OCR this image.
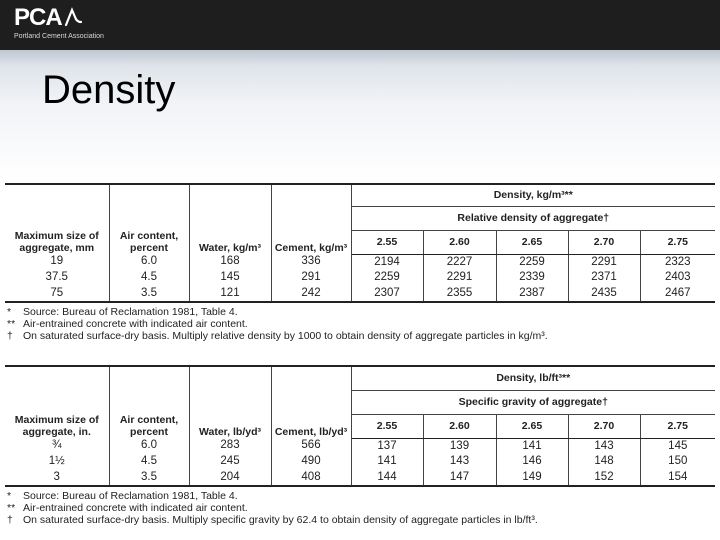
PCA
Portland Cement Association
Density
Maximum size of aggregate, mm	Air content, percent	Water, kg/m³	Cement, kg/m³	Density, kg/m³**				
				Relative density of aggregate†				
				2.55	2.60	2.65	2.70	2.75
19	6.0	168	336	2194	2227	2259	2291	2323
37.5	4.5	145	291	2259	2291	2339	2371	2403
75	3.5	121	242	2307	2355	2387	2435	2467
*	Source: Bureau of Reclamation 1981, Table 4.
** Air-entrained concrete with indicated air content.
† On saturated surface-dry basis. Multiply relative density by 1000 to obtain density of aggregate particles in kg/m³.
Maximum size of aggregate, in.	Air content, percent	Water, lb/yd³	Cement, lb/yd³	Density, lb/ft³**				
				Specific gravity of aggregate†				
				2.55	2.60	2.65	2.70	2.75
¾	6.0	283	566	137	139	141	143	145
1½	4.5	245	490	141	143	146	148	150
3	3.5	204	408	144	147	149	152	154
*	Source: Bureau of Reclamation 1981, Table 4.
** Air-entrained concrete with indicated air content.
† On saturated surface-dry basis. Multiply specific gravity by 62.4 to obtain density of aggregate particles in lb/ft³.
